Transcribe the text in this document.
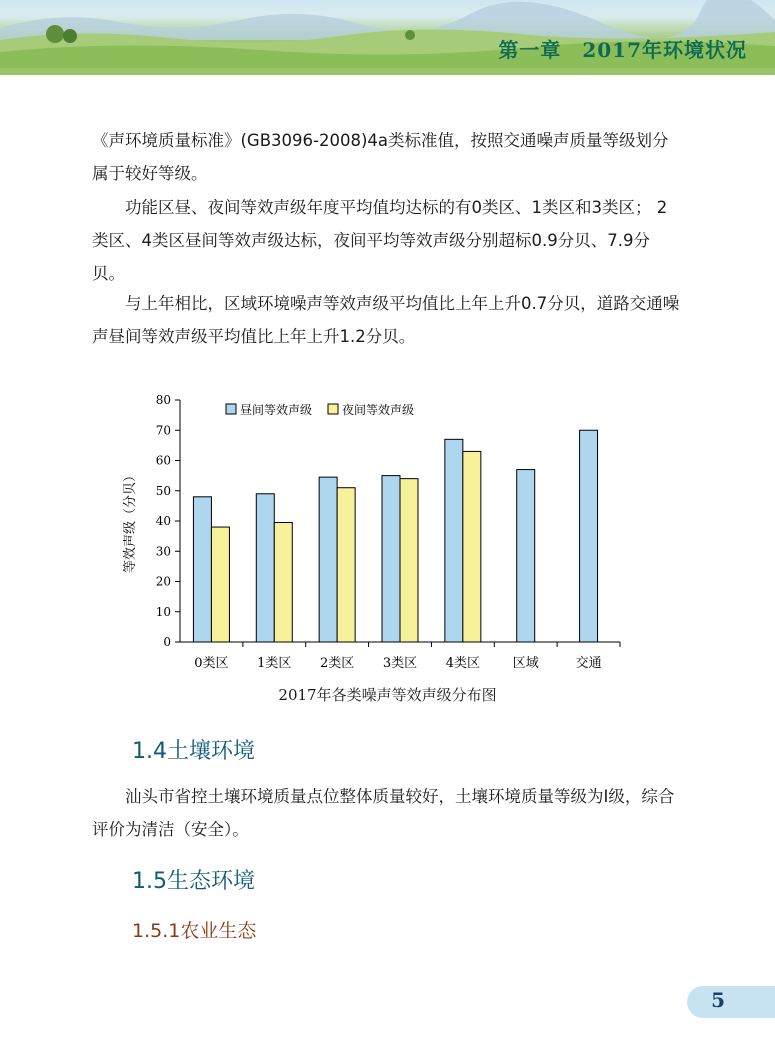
第一章　2017年环境状况
《声环境质量标准》(GB3096-2008)4a类标准值，按照交通噪声质量等级划分属于较好等级。
功能区昼、夜间等效声级年度平均值均达标的有0类区、1类区和3类区； 2类区、4类区昼间等效声级达标，夜间平均等效声级分别超标0.9分贝、7.9分贝。
与上年相比，区域环境噪声等效声级平均值比上年上升0.7分贝，道路交通噪声昼间等效声级平均值比上年上升1.2分贝。
0
10
20
30
40
50
60
70
80
等效声级（分贝）
0类区 1类区 2类区 3类区 4类区	区域	交通
昼间等效声级 夜间等效声级
2017年各类噪声等效声级分布图
1.4土壤环境
汕头市省控土壤环境质量点位整体质量较好，土壤环境质量等级为Ⅰ级，综合评价为清洁（安全）。
1.5生态环境
1.5.1农业生态
5
